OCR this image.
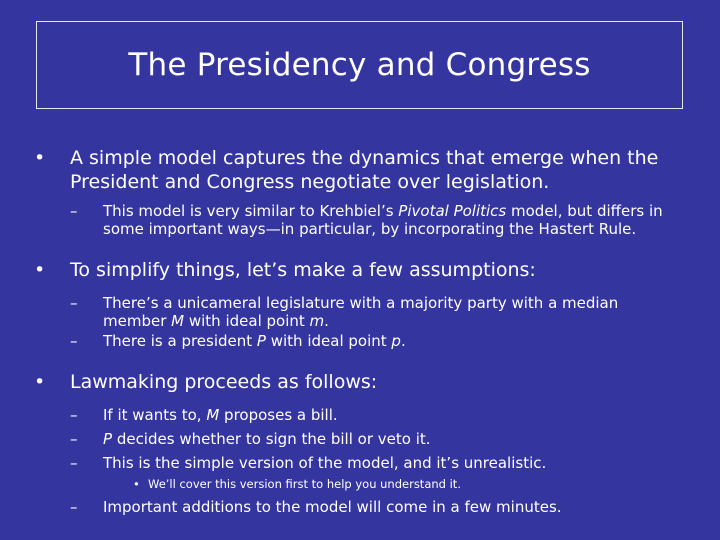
The Presidency and Congress
• A simple model captures the dynamics that emerge when the President and Congress negotiate over legislation.
– This model is very similar to Krehbiel’s Pivotal Politics model, but differs in some important ways—in particular, by incorporating the Hastert Rule.
• To simplify things, let’s make a few assumptions:
– There’s a unicameral legislature with a majority party with a median member M with ideal point m.
– There is a president P with ideal point p.
• Lawmaking proceeds as follows:
– If it wants to, M proposes a bill.
– P decides whether to sign the bill or veto it.
– This is the simple version of the model, and it’s unrealistic.
• We’ll cover this version first to help you understand it.
– Important additions to the model will come in a few minutes.
